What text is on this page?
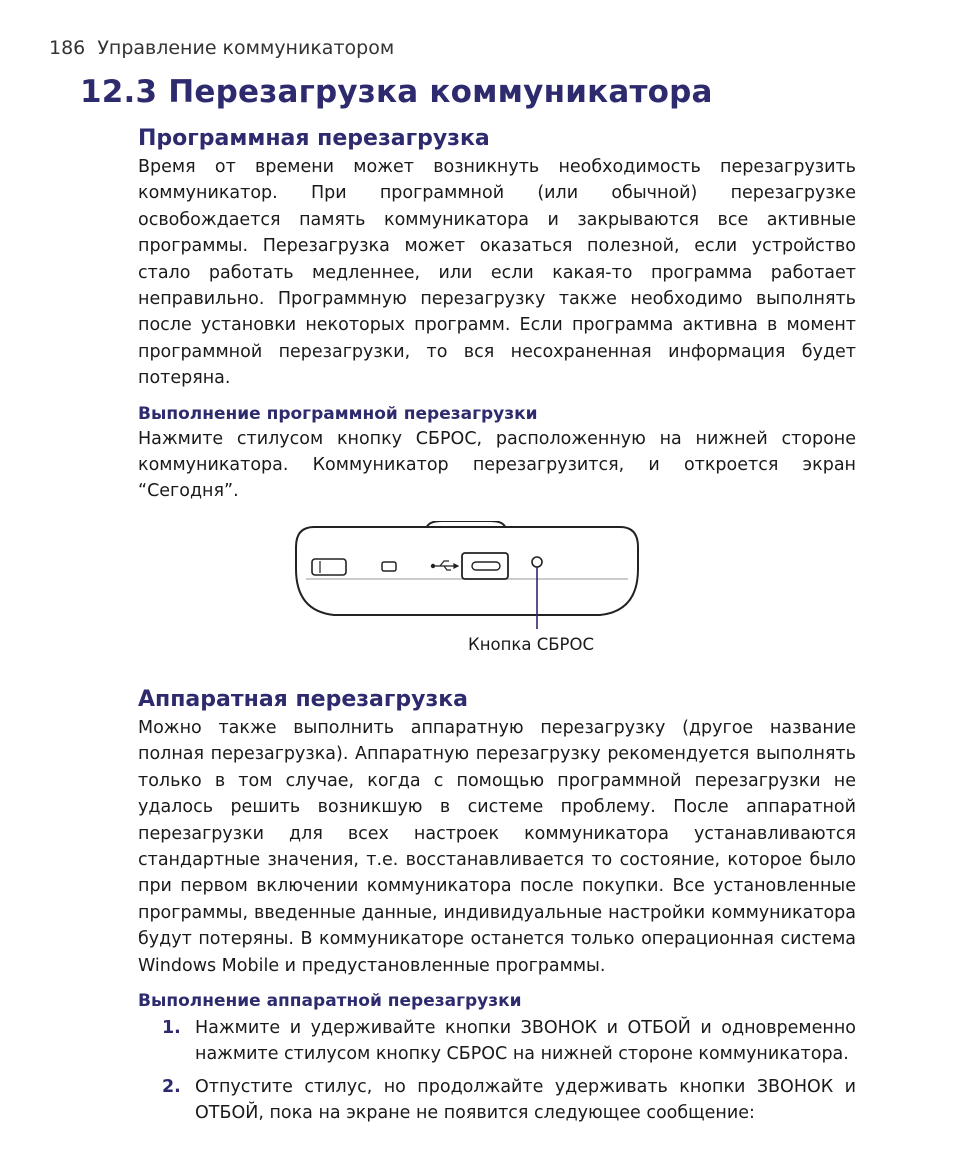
186 Управление коммуникатором
12.3 Перезагрузка коммуникатора
Программная перезагрузка

Время от времени может возникнуть необходимость перезагрузить коммуникатор. При программной (или обычной) перезагрузке освобождается память коммуникатора и закрываются все активные программы. Перезагрузка может оказаться полезной, если устройство стало работать медленнее, или если какая-то программа работает неправильно. Программную перезагрузку также необходимо выполнять после установки некоторых программ. Если программа активна в момент программной перезагрузки, то вся несохраненная информация будет потеряна.

Выполнение программной перезагрузки

Нажмите стилусом кнопку СБРОС, расположенную на нижней стороне коммуникатора. Коммуникатор перезагрузится, и откроется экран “Сегодня”.

Кнопка СБРОС
Аппаратная перезагрузка

Можно также выполнить аппаратную перезагрузку (другое название полная перезагрузка). Аппаратную перезагрузку рекомендуется выполнять только в том случае, когда с помощью программной перезагрузки не удалось решить возникшую в системе проблему. После аппаратной перезагрузки для всех настроек коммуникатора устанавливаются стандартные значения, т.е. восстанавливается то состояние, которое было при первом включении коммуникатора после покупки. Все установленные программы, введенные данные, индивидуальные настройки коммуникатора будут потеряны. В коммуникаторе останется только операционная система Windows Mobile и предустановленные программы.

Выполнение аппаратной перезагрузки
1. Нажмите и удерживайте кнопки ЗВОНОК и ОТБОЙ и одновременно нажмите стилусом кнопку СБРОС на нижней стороне коммуникатора.
2. Отпустите стилус, но продолжайте удерживать кнопки ЗВОНОК и ОТБОЙ, пока на экране не появится следующее сообщение:
